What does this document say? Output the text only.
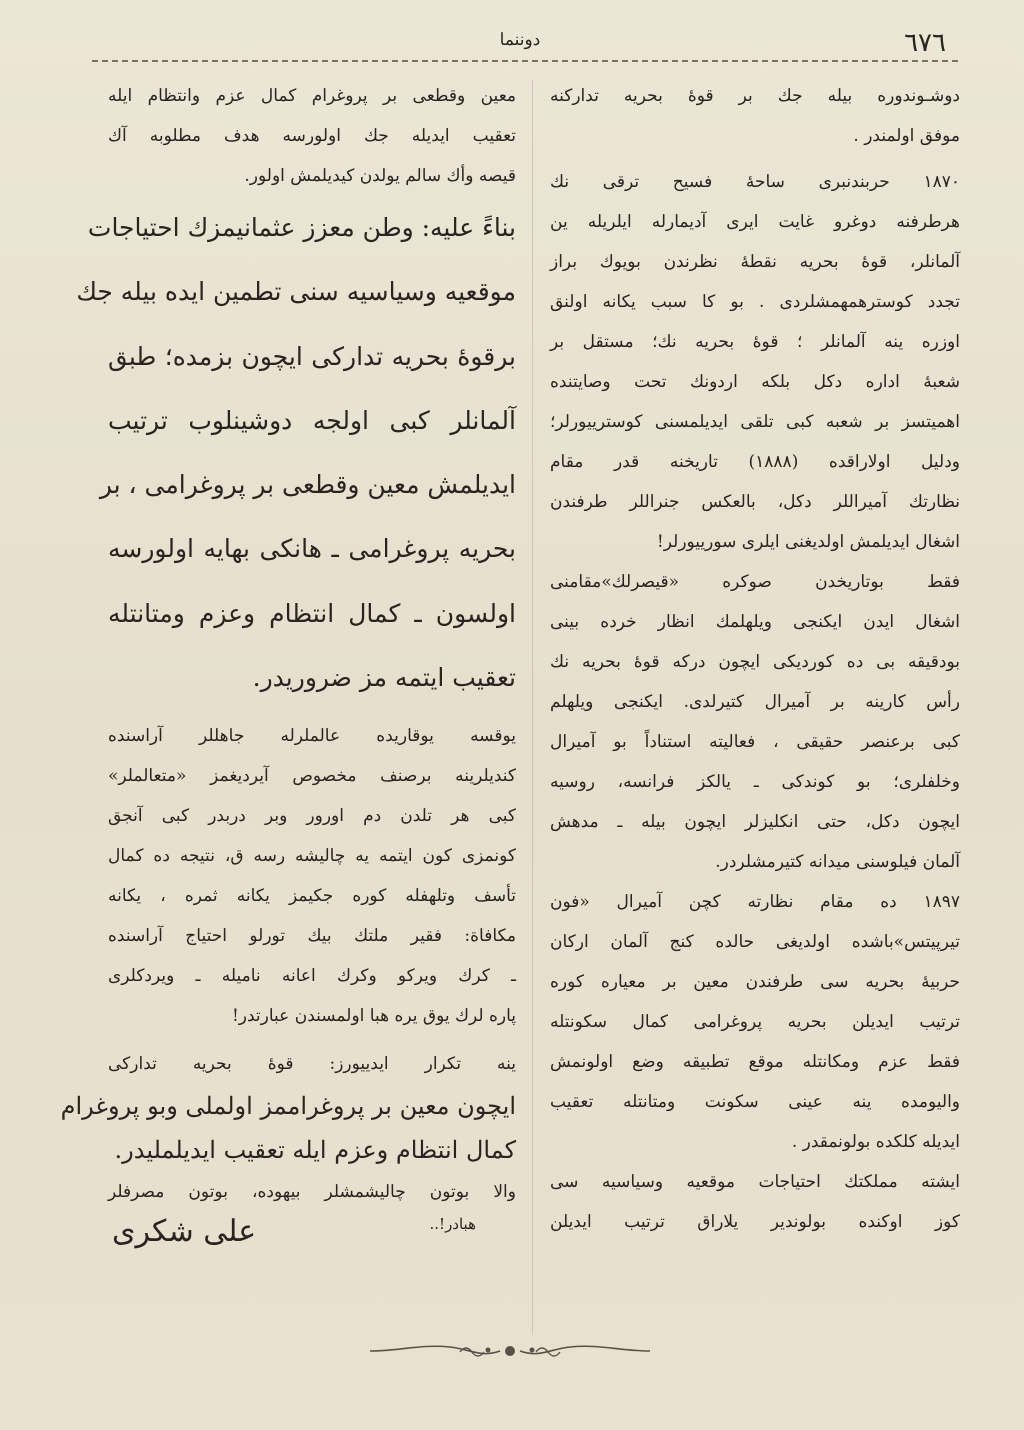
٦٧٦
دوننما
دوشـوندوره بيله جك بر قوهٔ بحريه تداركنه
موفق اولمندر .
١٨٧٠ حربندنبرى ساحهٔ فسيح ترقى نك
هرطرفنه دوغرو غايت ايرى آديمارله ايلريله ين
آلمانلر، قوهٔ بحريه نقطهٔ نظرندن بويوك براز
تجدد كوسترهمهمشلردى . بو كا سبب يكانه اولنق
اوزره ينه آلمانلر ؛ قوهٔ بحريه نك؛ مستقل بر
شعبهٔ اداره دكل بلكه اردونك تحت وصايتنده
اهميتسز بر شعبه كبى تلقى ايديلمسنى كوسترييورلر؛
ودليل اولاراقده (١٨٨٨) تاريخنه قدر مقام
نظارتك آميراللر دكل، بالعكس جنراللر طرفندن
اشغال ايديلمش اولديغنى ايلرى سورييورلر!
فقط بوتاريخدن صوكره «قيصرلك»مقامنى
اشغال ايدن ايكنجى ويلهلمك انظار خرده بينى
بودقيقه بى ده كورديكى ايچون دركه قوهٔ بحريه نك
رأس كارينه بر آميرال كتيرلدى. ايكنجى ويلهلم
كبى برعنصر حقيقى ، فعاليته استناداً بو آميرال
وخلفلرى؛ بو كوندكى ـ يالكز فرانسه، روسيه
ايچون دكل، حتى انكليزلر ايچون بيله ـ مدهش
آلمان فيلوسنى ميدانه كتيرمشلردر.
١٨٩٧ ده مقام نظارته كچن آميرال «فون
تيرپيتس»باشده اولديغى حالده كنج آلمان اركان
حربيهٔ بحريه سى طرفندن معين بر معياره كوره
ترتيب ايديلن بحريه پروغرامى كمال سكونتله
فقط عزم ومكانتله موقع تطبيقه وضع اولونمش
واليومده ينه عينى سكونت ومتانتله تعقيب
ايديله كلكده بولونمقدر .
ايشته مملكتك احتياجات موقعيه وسياسيه سى
كوز اوكنده بولوندير يلاراق ترتيب ايديلن
معين وقطعى بر پروغرام كمال عزم وانتظام ايله
تعقيب ايديله جك اولورسه هدف مطلوبه آك
قيصه وأك سالم يولدن كيديلمش اولور.
بناءً عليه: وطن معزز عثمانيمزك احتياجات
موقعيه وسياسيه سنى تطمين ايده بيله جك
برقوهٔ بحريه تداركى ايچون بزمده؛ طبق
آلمانلر كبى اولجه دوشينلوب ترتيب
ايديلمش معين وقطعى بر پروغرامى ، بر
بحريه پروغرامى ـ هانكى بهايه اولورسه
اولسون ـ كمال انتظام وعزم ومتانتله
تعقيب ايتمه مز ضروريدر.
يوقسه يوقاريده عالملرله جاهللر آراسنده
كنديلرينه برصنف مخصوص آيرديغمز «متعالملر»
كبى هر تلدن دم اورور وبر دربدر كبى آنجق
كونمزى كون ايتمه يه چاليشه رسه ق، نتيجه ده كمال
تأسف وتلهفله كوره جكيمز يكانه ثمره ، يكانه
مكافاة: فقير ملتك بيك تورلو احتياج آراسنده
ـ كرك ويركو وكرك اعانه ناميله ـ ويردكلرى
پاره لرك يوق يره هبا اولمسندن عبارتدر!
ينه تكرار ايدييورز: قوهٔ بحريه تداركى
ايچون معين بر پروغراممز اولملى وبو پروغرام
كمال انتظام وعزم ايله تعقيب ايديلمليدر.
والا بوتون چاليشمشلر بيهوده، بوتون مصرفلر
هبادر!..
على شكرى
